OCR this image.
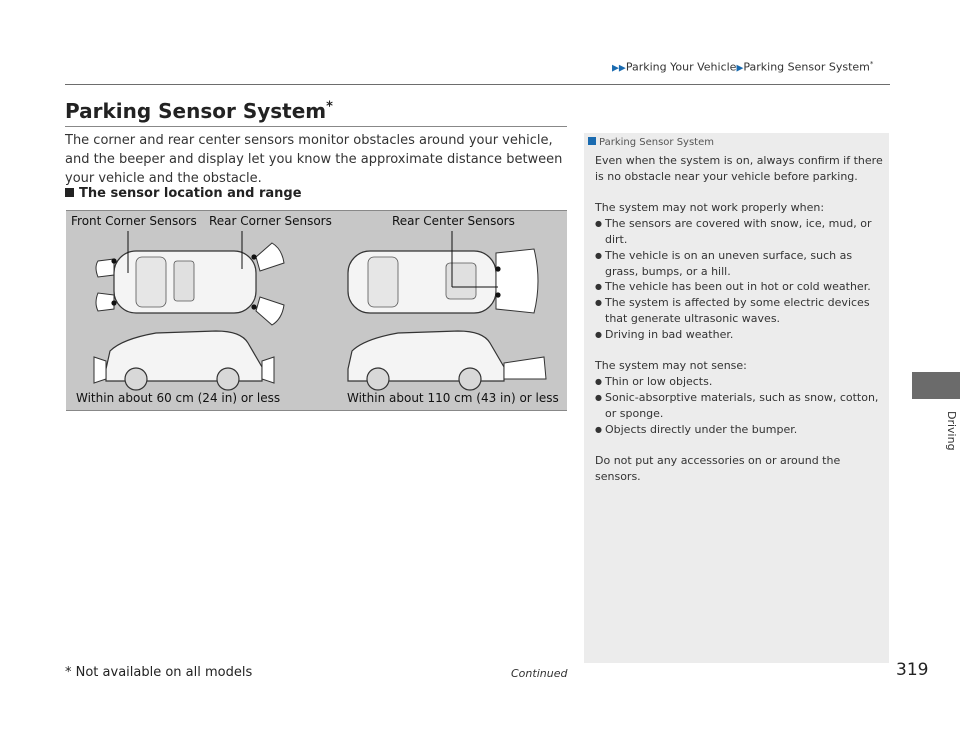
▶▶Parking Your Vehicle▶Parking Sensor System*
Parking Sensor System*

The corner and rear center sensors monitor obstacles around your vehicle, and the beeper and display let you know the approximate distance between your vehicle and the obstacle.

The sensor location and range
Front Corner Sensors Rear Corner Sensors	Rear Center Sensors
Within about 60 cm (24 in) or less	Within about 110 cm (43 in) or less
Parking Sensor System

Even when the system is on, always confirm if there is no obstacle near your vehicle before parking.

The system may not work properly when:

● The sensors are covered with snow, ice, mud, or dirt.

● The vehicle is on an uneven surface, such as grass, bumps, or a hill.

● The vehicle has been out in hot or cold weather.

● The system is affected by some electric devices that generate ultrasonic waves.

● Driving in bad weather.

The system may not sense:

● Thin or low objects.

● Sonic-absorptive materials, such as snow, cotton, or sponge.

● Objects directly under the bumper.

Do not put any accessories on or around the sensors.

Driving
319
Continued
* Not available on all models
